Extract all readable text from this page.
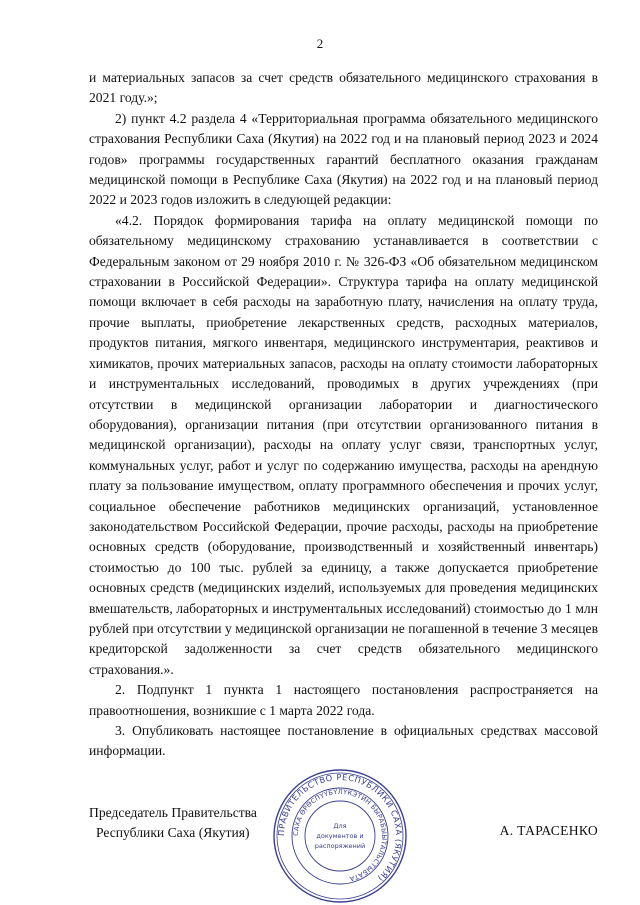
2

и материальных запасов за счет средств обязательного медицинского страхования в 2021 году.»;

2) пункт 4.2 раздела 4 «Территориальная программа обязательного медицинского страхования Республики Саха (Якутия) на 2022 год и на плановый период 2023 и 2024 годов» программы государственных гарантий бесплатного оказания гражданам медицинской помощи в Республике Саха (Якутия) на 2022 год и на плановый период 2022 и 2023 годов изложить в следующей редакции:

«4.2. Порядок формирования тарифа на оплату медицинской помощи по обязательному медицинскому страхованию устанавливается в соответствии с Федеральным законом от 29 ноября 2010 г. № 326-ФЗ «Об обязательном медицинском страховании в Российской Федерации». Структура тарифа на оплату медицинской помощи включает в себя расходы на заработную плату, начисления на оплату труда, прочие выплаты, приобретение лекарственных средств, расходных материалов, продуктов питания, мягкого инвентаря, медицинского инструментария, реактивов и химикатов, прочих материальных запасов, расходы на оплату стоимости лабораторных и инструментальных исследований, проводимых в других учреждениях (при отсутствии в медицинской организации лаборатории и диагностического оборудования), организации питания (при отсутствии организованного питания в медицинской организации), расходы на оплату услуг связи, транспортных услуг, коммунальных услуг, работ и услуг по содержанию имущества, расходы на арендную плату за пользование имуществом, оплату программного обеспечения и прочих услуг, социальное обеспечение работников медицинских организаций, установленное законодательством Российской Федерации, прочие расходы, расходы на приобретение основных средств (оборудование, производственный и хозяйственный инвентарь) стоимостью до 100 тыс. рублей за единицу, а также допускается приобретение основных средств (медицинских изделий, используемых для проведения медицинских вмешательств, лабораторных и инструментальных исследований) стоимостью до 1 млн рублей при отсутствии у медицинской организации не погашенной в течение 3 месяцев кредиторской задолженности за счет средств обязательного медицинского страхования.».

2. Подпункт 1 пункта 1 настоящего постановления распространяется на правоотношения, возникшие с 1 марта 2022 года.

3. Опубликовать настоящее постановление в официальных средствах массовой информации.

Председатель Правительства
Республики Саха (Якутия)	А. ТАРАСЕНКО
ПРАВИТЕЛЬСТВО РЕСПУБЛИКИ САХА (ЯКУТИЯ)
САХА ӨРӨСПҮҮБҮЛҮКЭТИН БЫРАБЫЫТАЛЬСТЫБАТА
Для
документов и
распоряжений
